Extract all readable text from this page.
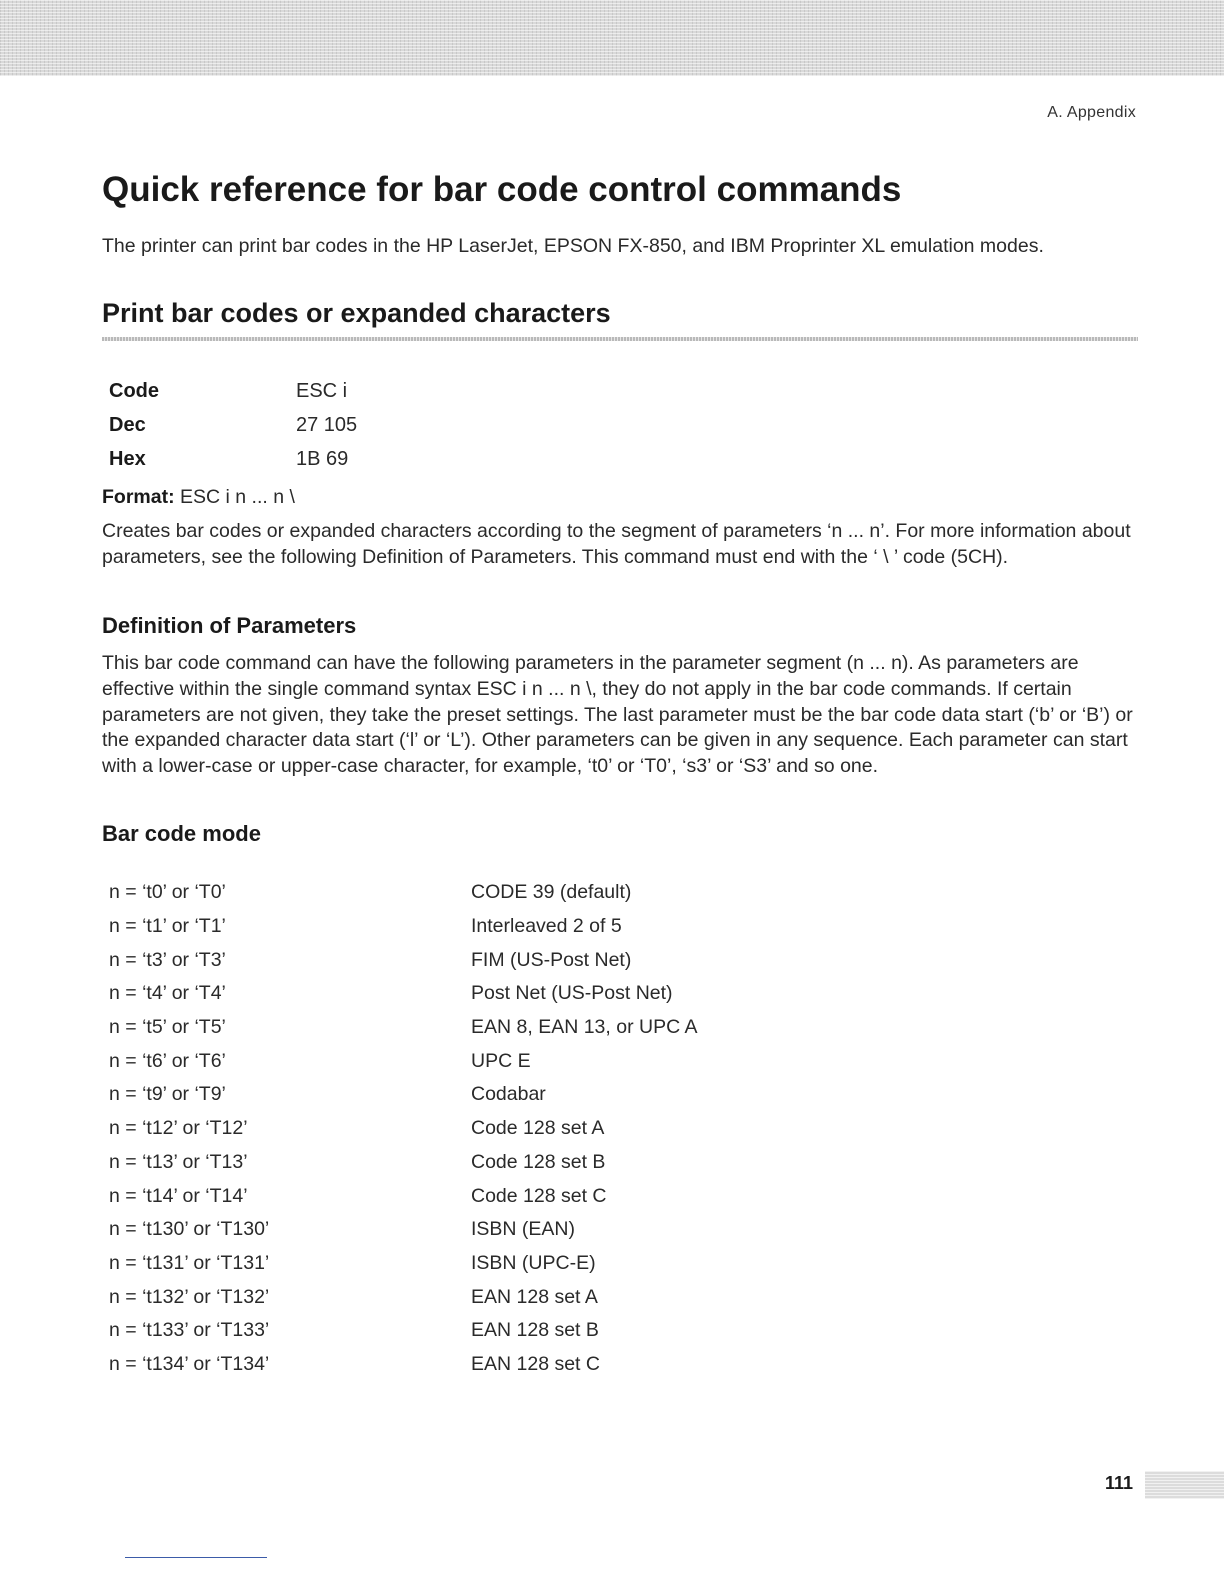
A. Appendix
Quick reference for bar code control commands

The printer can print bar codes in the HP LaserJet, EPSON FX-850, and IBM Proprinter XL emulation modes.

Print bar codes or expanded characters
Code	ESC i
Dec	27 105
Hex	1B 69
Format: ESC i n ... n \

Creates bar codes or expanded characters according to the segment of parameters ‘n ... n’. For more information about parameters, see the following Definition of Parameters. This command must end with the ‘ \ ’ code (5CH).

Definition of Parameters

This bar code command can have the following parameters in the parameter segment (n ... n). As parameters are effective within the single command syntax ESC i n ... n \, they do not apply in the bar code commands. If certain parameters are not given, they take the preset settings. The last parameter must be the bar code data start (‘b’ or ‘B’) or the expanded character data start (‘l’ or ‘L’). Other parameters can be given in any sequence. Each parameter can start with a lower-case or upper-case character, for example, ‘t0’ or ‘T0’, ‘s3’ or ‘S3’ and so one.

Bar code mode
n = ‘t0’ or ‘T0’	CODE 39 (default)
n = ‘t1’ or ‘T1’	Interleaved 2 of 5
n = ‘t3’ or ‘T3’	FIM (US-Post Net)
n = ‘t4’ or ‘T4’	Post Net (US-Post Net)
n = ‘t5’ or ‘T5’	EAN 8, EAN 13, or UPC A
n = ‘t6’ or ‘T6’	UPC E
n = ‘t9’ or ‘T9’	Codabar
n = ‘t12’ or ‘T12’	Code 128 set A
n = ‘t13’ or ‘T13’	Code 128 set B
n = ‘t14’ or ‘T14’	Code 128 set C
n = ‘t130’ or ‘T130’	ISBN (EAN)
n = ‘t131’ or ‘T131’	ISBN (UPC-E)
n = ‘t132’ or ‘T132’	EAN 128 set A
n = ‘t133’ or ‘T133’	EAN 128 set B
n = ‘t134’ or ‘T134’	EAN 128 set C
111
